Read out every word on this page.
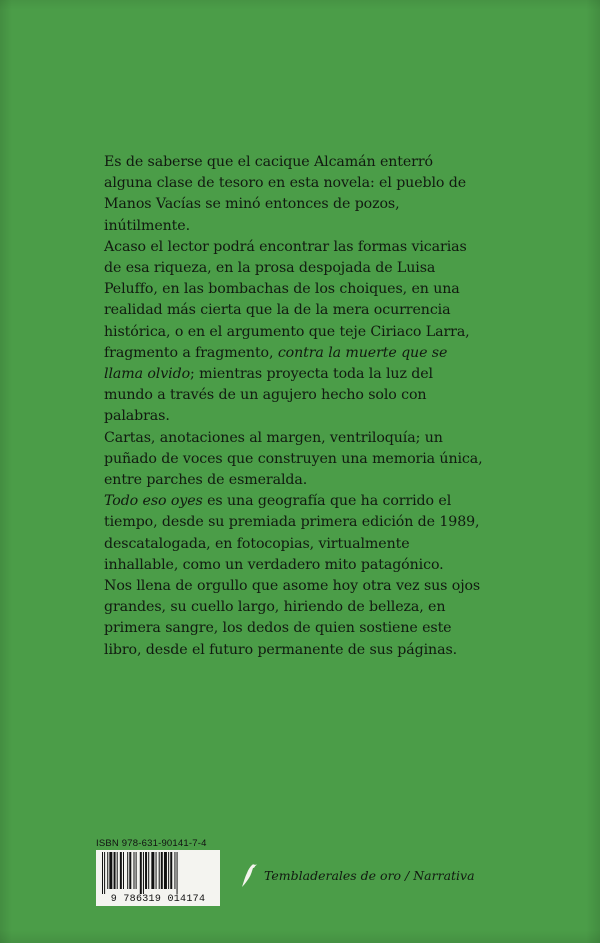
Es de saberse que el cacique Alcamán enterró alguna clase de tesoro en esta novela: el pueblo de Manos Vacías se minó entonces de pozos, inútilmente.

Acaso el lector podrá encontrar las formas vicarias de esa riqueza, en la prosa despojada de Luisa Peluffo, en las bombachas de los choiques, en una realidad más cierta que la de la mera ocurrencia histórica, o en el argumento que teje Ciriaco Larra, fragmento a fragmento, contra la muerte que se llama olvido; mientras proyecta toda la luz del mundo a través de un agujero hecho solo con palabras.

Cartas, anotaciones al margen, ventriloquía; un puñado de voces que construyen una memoria única, entre parches de esmeralda.

Todo eso oyes es una geografía que ha corrido el tiempo, desde su premiada primera edición de 1989, descatalogada, en fotocopias, virtualmente inhallable, como un verdadero mito patagónico.

Nos llena de orgullo que asome hoy otra vez sus ojos grandes, su cuello largo, hiriendo de belleza, en primera sangre, los dedos de quien sostiene este libro, desde el futuro permanente de sus páginas.

ISBN 978-631-90141-7-4
9 786319 014174
Tembladerales de oro / Narrativa
